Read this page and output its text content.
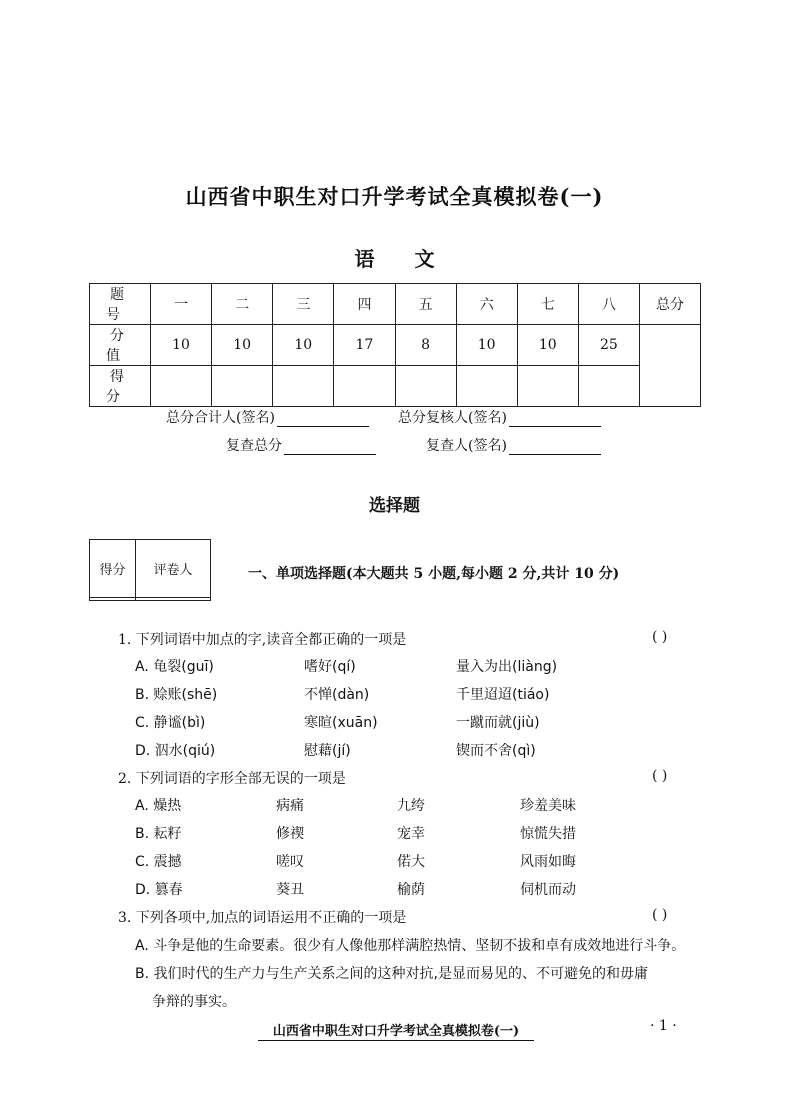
山西省中职生对口升学考试全真模拟卷(一)
语文
题 号	一	二	三	四	五	六	七	八	总分
分 值	10	10	10	17	8	10	10	25	
得 分									
总分合计人(签名)	总分复核人(签名)
复查总分	复查人(签名)
选择题
得分	评卷人
		一、单项选择题(本大题共 5 小题,每小题 2 分,共计 10 分)
1. 下列词语中加点的字,读音全都正确的一项是	( )
A. 龟裂(guī)	嗜好(qí)	量入为出(liàng)
B. 赊账(shē)	不惮(dàn)	千里迢迢(tiáo)
C. 静谧(bì)	寒暄(xuān)	一蹴而就(jiù)
D. 泅水(qiú)	慰藉(jí)	锲而不舍(qì)
2. 下列词语的字形全部无误的一项是	( )
A. 燥热	病痛	九绔	珍羞美味
B. 耘籽	修禊	宠幸	惊慌失措
C. 震撼	嗟叹	偌大	风雨如晦
D. 篡春	葵丑	榆荫	伺机而动
3. 下列各项中,加点的词语运用不正确的一项是	( )
A. 斗争是他的生命要素。很少有人像他那样满腔热情、坚韧不拔和卓有成效地进行斗争。
B. 我们时代的生产力与生产关系之间的这种对抗,是显而易见的、不可避免的和毋庸
争辩的事实。
山西省中职生对口升学考试全真模拟卷(一)	· 1 ·
